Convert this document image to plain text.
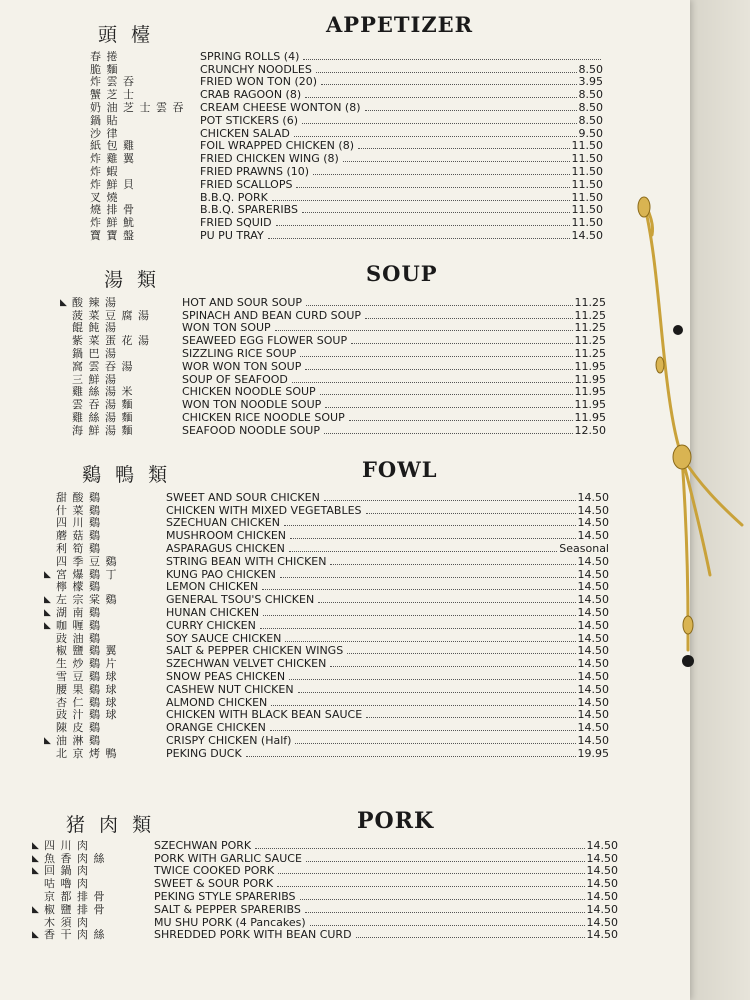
頭 檯	APPETIZER
春 捲	SPRING ROLLS (4)
脆 麵	CRUNCHY NOODLES	8.50
炸 雲 吞	FRIED WON TON (20)	3.95
蟹 芝 士	CRAB RAGOON (8)	8.50
奶 油 芝 士 雲 吞	CREAM CHEESE WONTON (8)	8.50
鍋 貼	POT STICKERS (6)	8.50
沙 律	CHICKEN SALAD	9.50
紙 包 雞	FOIL WRAPPED CHICKEN (8)	11.50
炸 雞 翼	FRIED CHICKEN WING (8)	11.50
炸 蝦	FRIED PRAWNS (10)	11.50
炸 鮮 貝	FRIED SCALLOPS	11.50
叉 燒	B.B.Q. PORK	11.50
燒 排 骨	B.B.Q. SPARERIBS	11.50
炸 鮮 魷	FRIED SQUID	11.50
寶 寶 盤	PU PU TRAY	14.50
湯 類	SOUP
◣ 酸 辣 湯	HOT AND SOUR SOUP	11.25
菠 菜 豆 腐 湯	SPINACH AND BEAN CURD SOUP	11.25
餛 飩 湯	WON TON SOUP	11.25
紫 菜 蛋 花 湯	SEAWEED EGG FLOWER SOUP	11.25
鍋 巴 湯	SIZZLING RICE SOUP	11.25
窩 雲 吞 湯	WOR WON TON SOUP	11.95
三 鮮 湯	SOUP OF SEAFOOD	11.95
雞 絲 湯 米	CHICKEN NOODLE SOUP	11.95
雲 吞 湯 麵	WON TON NOODLE SOUP	11.95
雞 絲 湯 麵	CHICKEN RICE NOODLE SOUP	11.95
海 鮮 湯 麵	SEAFOOD NOODLE SOUP	12.50
鷄 鴨 類	FOWL
甜 酸 鷄	SWEET AND SOUR CHICKEN	14.50
什 菜 鷄	CHICKEN WITH MIXED VEGETABLES	14.50
四 川 鷄	SZECHUAN CHICKEN	14.50
蘑 菇 鷄	MUSHROOM CHICKEN	14.50
利 筍 鷄	ASPARAGUS CHICKEN	Seasonal
四 季 豆 鷄	STRING BEAN WITH CHICKEN	14.50
◣ 宮 爆 鷄 丁	KUNG PAO CHICKEN	14.50
檸 檬 鷄	LEMON CHICKEN	14.50
◣ 左 宗 棠 鷄	GENERAL TSOU'S CHICKEN	14.50
◣ 湖 南 鷄	HUNAN CHICKEN	14.50
◣ 咖 喱 鷄	CURRY CHICKEN	14.50
豉 油 鷄	SOY SAUCE CHICKEN	14.50
椒 鹽 鷄 翼	SALT & PEPPER CHICKEN WINGS	14.50
生 炒 鷄 片	SZECHWAN VELVET CHICKEN	14.50
雪 豆 鷄 球	SNOW PEAS CHICKEN	14.50
腰 果 鷄 球	CASHEW NUT CHICKEN	14.50
杏 仁 鷄 球	ALMOND CHICKEN	14.50
豉 汁 鷄 球	CHICKEN WITH BLACK BEAN SAUCE	14.50
陳 皮 鷄	ORANGE CHICKEN	14.50
◣ 油 淋 鷄	CRISPY CHICKEN (Half)	14.50
北 京 烤 鴨	PEKING DUCK	19.95
猪 肉 類	PORK
◣ 四 川 肉	SZECHWAN PORK	14.50
◣ 魚 香 肉 絲	PORK WITH GARLIC SAUCE	14.50
◣ 回 鍋 肉	TWICE COOKED PORK	14.50
咕 嚕 肉	SWEET & SOUR PORK	14.50
京 都 排 骨	PEKING STYLE SPARERIBS	14.50
◣ 椒 鹽 排 骨	SALT & PEPPER SPARERIBS	14.50
木 須 肉	MU SHU PORK (4 Pancakes)	14.50
◣ 香 干 肉 絲	SHREDDED PORK WITH BEAN CURD	14.50
